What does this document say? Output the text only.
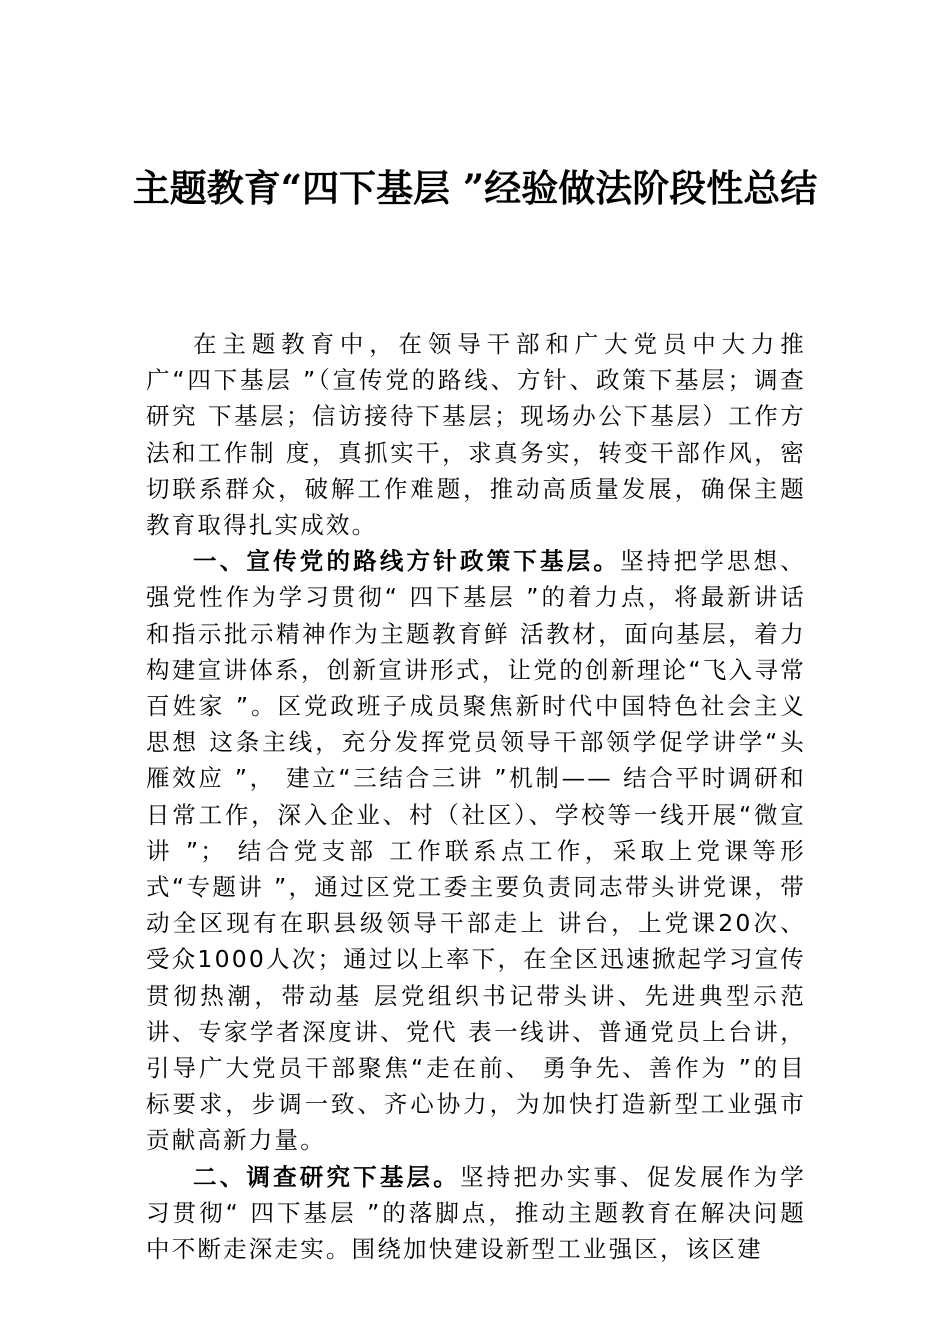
主题教育“四下基层 ”经验做法阶段性总结

在主题教育中，在领导干部和广大党员中大力推 广“四下基层 ”（宣传党的路线、方针、政策下基层；调查研究 下基层；信访接待下基层；现场办公下基层）工作方法和工作制 度，真抓实干，求真务实，转变干部作风，密切联系群众，破解工作难题，推动高质量发展，确保主题教育取得扎实成效。

一、宣传党的路线方针政策下基层。坚持把学思想、强党性作为学习贯彻“ 四下基层 ”的着力点，将最新讲话和指示批示精神作为主题教育鲜 活教材，面向基层，着力构建宣讲体系，创新宣讲形式，让党的创新理论“飞入寻常百姓家 ”。区党政班子成员聚焦新时代中国特色社会主义思想 这条主线，充分发挥党员领导干部领学促学讲学“头雁效应 ”， 建立“三结合三讲 ”机制—— 结合平时调研和日常工作，深入企业、村（社区）、学校等一线开展“微宣讲 ”； 结合党支部 工作联系点工作，采取上党课等形式“专题讲 ”，通过区党工委主要负责同志带头讲党课，带动全区现有在职县级领导干部走上 讲台，上党课20次、受众1000人次；通过以上率下，在全区迅速掀起学习宣传贯彻热潮，带动基 层党组织书记带头讲、先进典型示范讲、专家学者深度讲、党代 表一线讲、普通党员上台讲，引导广大党员干部聚焦“走在前、 勇争先、善作为 ”的目标要求，步调一致、齐心协力，为加快打造新型工业强市贡献高新力量。

二、调查研究下基层。坚持把办实事、促发展作为学习贯彻“ 四下基层 ”的落脚点，推动主题教育在解决问题中不断走深走实。围绕加快建设新型工业强区，该区建
